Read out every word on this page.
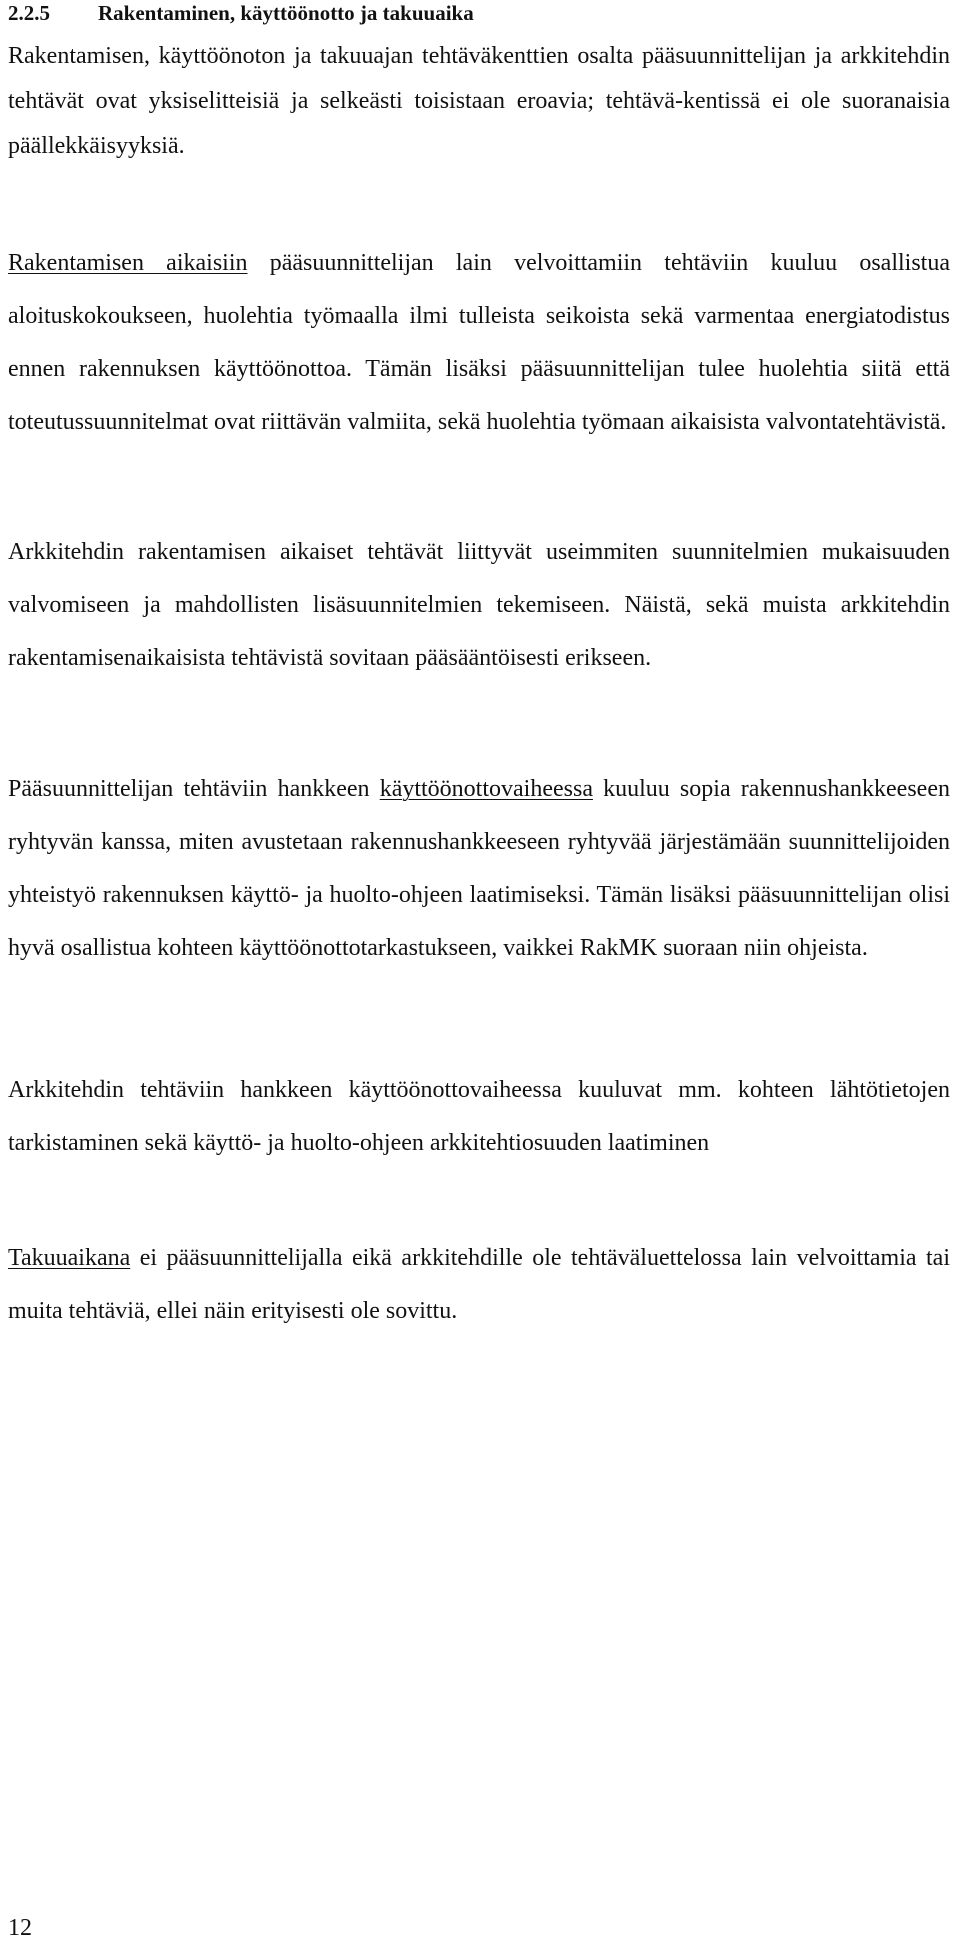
2.2.5 Rakentaminen, käyttöönotto ja takuuaika

Rakentamisen, käyttöönoton ja takuuajan tehtäväkenttien osalta pääsuunnittelijan ja arkkitehdin tehtävät ovat yksiselitteisiä ja selkeästi toisistaan eroavia; tehtävä-kentissä ei ole suoranaisia päällekkäisyyksiä.

Rakentamisen aikaisiin pääsuunnittelijan lain velvoittamiin tehtäviin kuuluu osallistua aloituskokoukseen, huolehtia työmaalla ilmi tulleista seikoista sekä varmentaa energiatodistus ennen rakennuksen käyttöönottoa. Tämän lisäksi pääsuunnittelijan tulee huolehtia siitä että toteutussuunnitelmat ovat riittävän valmiita, sekä huolehtia työmaan aikaisista valvontatehtävistä.

Arkkitehdin rakentamisen aikaiset tehtävät liittyvät useimmiten suunnitelmien mukaisuuden valvomiseen ja mahdollisten lisäsuunnitelmien tekemiseen. Näistä, sekä muista arkkitehdin rakentamisenaikaisista tehtävistä sovitaan pääsääntöisesti erikseen.

Pääsuunnittelijan tehtäviin hankkeen käyttöönottovaiheessa kuuluu sopia rakennushankkeeseen ryhtyvän kanssa, miten avustetaan rakennushankkeeseen ryhtyvää järjestämään suunnittelijoiden yhteistyö rakennuksen käyttö- ja huolto-ohjeen laatimiseksi. Tämän lisäksi pääsuunnittelijan olisi hyvä osallistua kohteen käyttöönottotarkastukseen, vaikkei RakMK suoraan niin ohjeista.

Arkkitehdin tehtäviin hankkeen käyttöönottovaiheessa kuuluvat mm. kohteen lähtötietojen tarkistaminen sekä käyttö- ja huolto-ohjeen arkkitehtiosuuden laatiminen

Takuuaikana ei pääsuunnittelijalla eikä arkkitehdille ole tehtäväluettelossa lain velvoittamia tai muita tehtäviä, ellei näin erityisesti ole sovittu.

12
